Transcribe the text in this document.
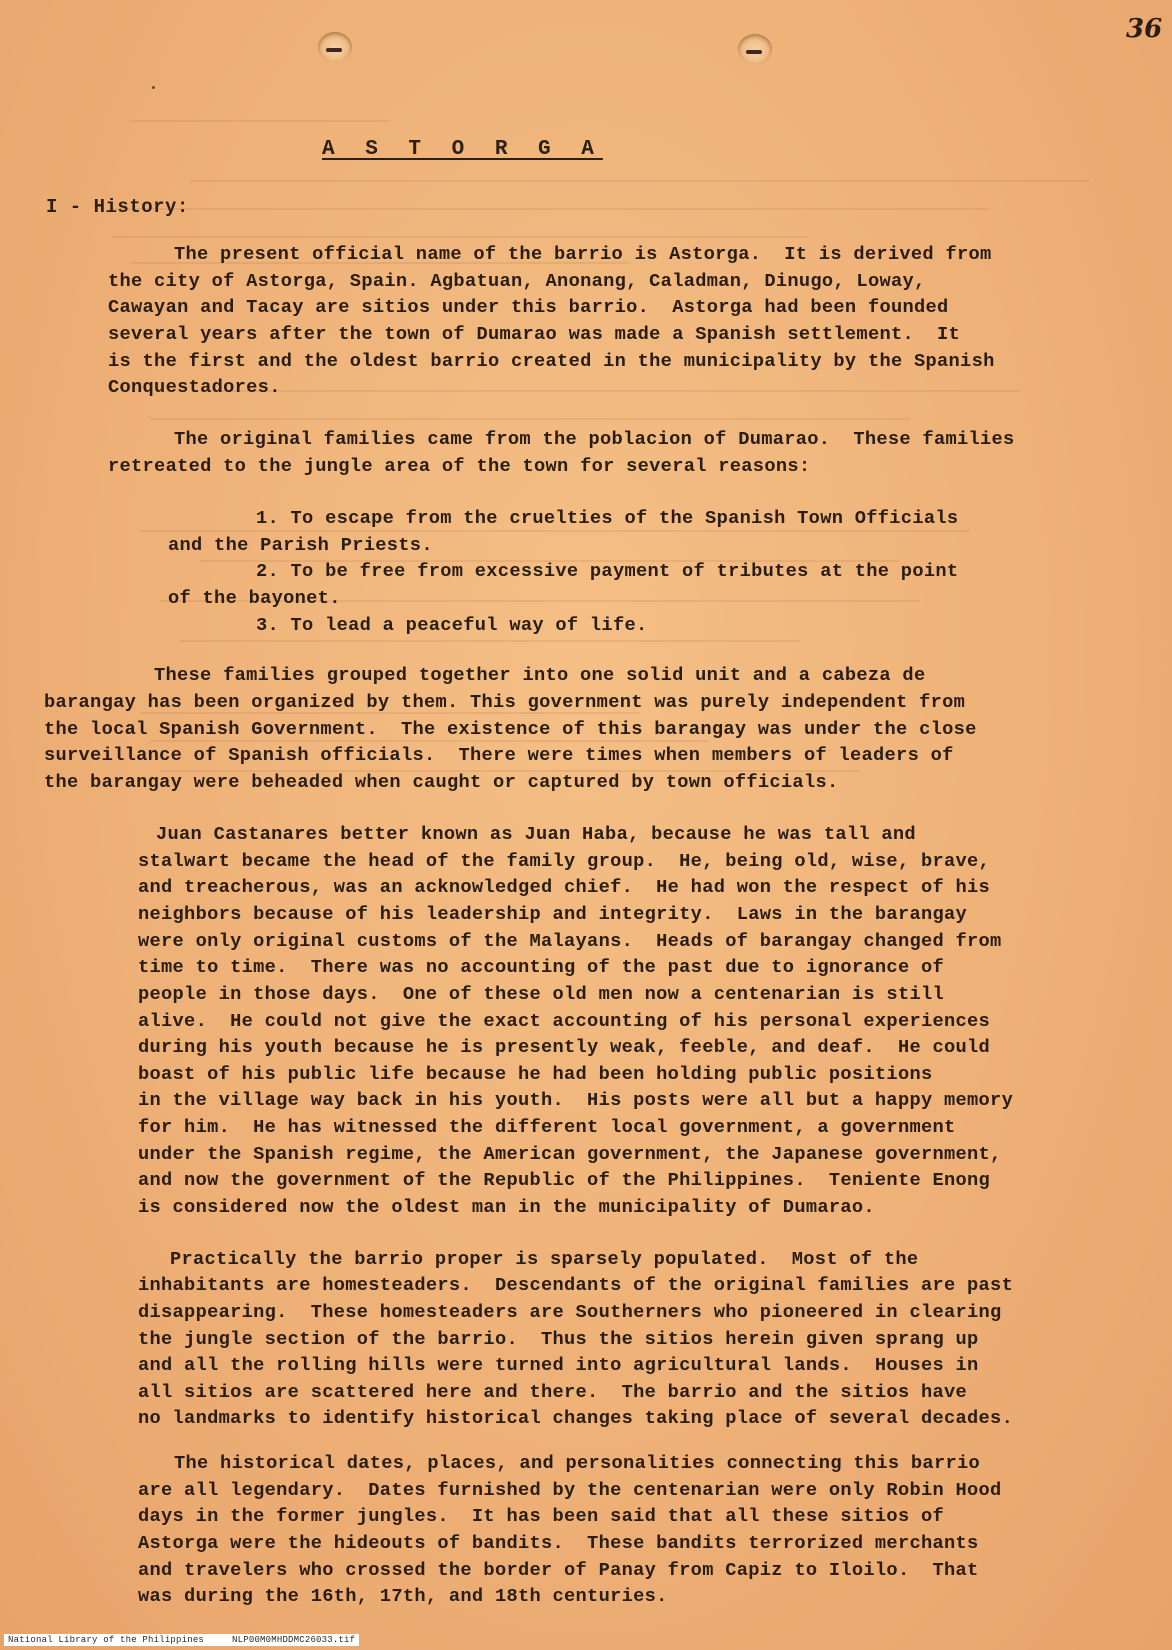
36
A S T O R G A
I - History:

The present official name of the barrio is Astorga.  It is derived from

the city of Astorga, Spain. Agbatuan, Anonang, Caladman, Dinugo, Loway,

Cawayan and Tacay are sitios under this barrio.  Astorga had been founded

several years after the town of Dumarao was made a Spanish settlement.  It

is the first and the oldest barrio created in the municipality by the Spanish

Conquestadores.

The original families came from the poblacion of Dumarao.  These families

retreated to the jungle area of the town for several reasons:

1. To escape from the cruelties of the Spanish Town Officials

and the Parish Priests.

2. To be free from excessive payment of tributes at the point

of the bayonet.

3. To lead a peaceful way of life.

These families grouped together into one solid unit and a cabeza de

barangay has been organized by them. This government was purely independent from

the local Spanish Government.  The existence of this barangay was under the close

surveillance of Spanish officials.  There were times when members of leaders of

the barangay were beheaded when caught or captured by town officials.

Juan Castanares better known as Juan Haba, because he was tall and

stalwart became the head of the family group.  He, being old, wise, brave,

and treacherous, was an acknowledged chief.  He had won the respect of his

neighbors because of his leadership and integrity.  Laws in the barangay

were only original customs of the Malayans.  Heads of barangay changed from

time to time.  There was no accounting of the past due to ignorance of

people in those days.  One of these old men now a centenarian is still

alive.  He could not give the exact accounting of his personal experiences

during his youth because he is presently weak, feeble, and deaf.  He could

boast of his public life because he had been holding public positions

in the village way back in his youth.  His posts were all but a happy memory

for him.  He has witnessed the different local government, a government

under the Spanish regime, the American government, the Japanese government,

and now the government of the Republic of the Philippines.  Teniente Enong

is considered now the oldest man in the municipality of Dumarao.

Practically the barrio proper is sparsely populated.  Most of the

inhabitants are homesteaders.  Descendants of the original families are past

disappearing.  These homesteaders are Southerners who pioneered in clearing

the jungle section of the barrio.  Thus the sitios herein given sprang up

and all the rolling hills were turned into agricultural lands.  Houses in

all sitios are scattered here and there.  The barrio and the sitios have

no landmarks to identify historical changes taking place of several decades.

The historical dates, places, and personalities connecting this barrio

are all legendary.  Dates furnished by the centenarian were only Robin Hood

days in the former jungles.  It has been said that all these sitios of

Astorga were the hideouts of bandits.  These bandits terrorized merchants

and travelers who crossed the border of Panay from Capiz to Iloilo.  That

was during the 16th, 17th, and 18th centuries.

National Library of the Philippines     NLP00M0MHDDMC26033.tif
